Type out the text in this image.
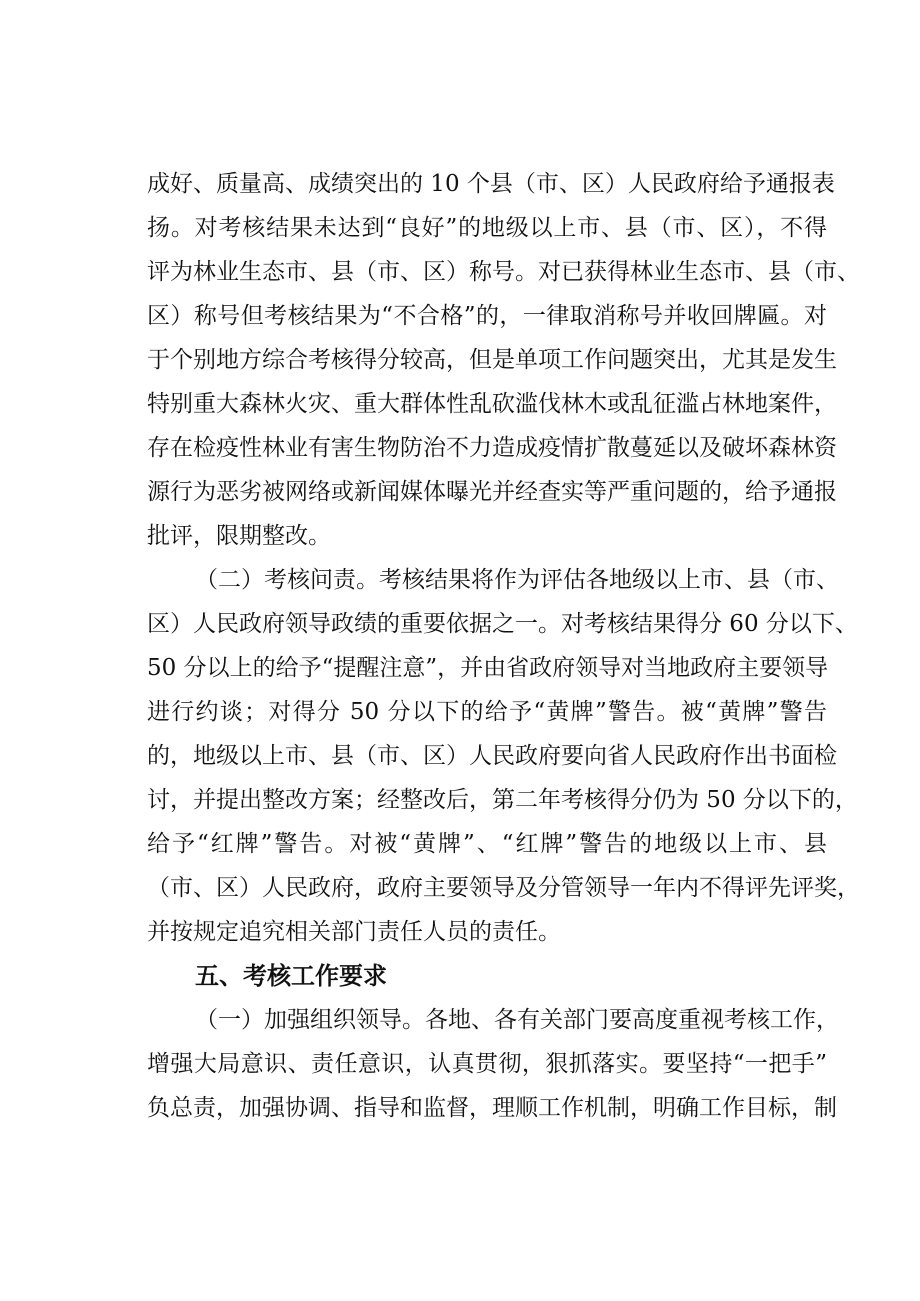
成好、质量高、成绩突出的 10 个县（市、区）人民政府给予通报表
扬。对考核结果未达到“良好”的地级以上市、县（市、区），不得
评为林业生态市、县（市、区）称号。对已获得林业生态市、县（市、
区）称号但考核结果为“不合格”的，一律取消称号并收回牌匾。对
于个别地方综合考核得分较高，但是单项工作问题突出，尤其是发生
特别重大森林火灾、重大群体性乱砍滥伐林木或乱征滥占林地案件，
存在检疫性林业有害生物防治不力造成疫情扩散蔓延以及破坏森林资
源行为恶劣被网络或新闻媒体曝光并经查实等严重问题的，给予通报
批评，限期整改。
（二）考核问责。考核结果将作为评估各地级以上市、县（市、
区）人民政府领导政绩的重要依据之一。对考核结果得分 60 分以下、
50 分以上的给予“提醒注意”，并由省政府领导对当地政府主要领导
进行约谈；对得分 50 分以下的给予“黄牌”警告。被“黄牌”警告
的，地级以上市、县（市、区）人民政府要向省人民政府作出书面检
讨，并提出整改方案；经整改后，第二年考核得分仍为 50 分以下的，
给予“红牌”警告。对被“黄牌”、“红牌”警告的地级以上市、县
（市、区）人民政府，政府主要领导及分管领导一年内不得评先评奖，
并按规定追究相关部门责任人员的责任。
五、考核工作要求
（一）加强组织领导。各地、各有关部门要高度重视考核工作，
增强大局意识、责任意识，认真贯彻，狠抓落实。要坚持“一把手”
负总责，加强协调、指导和监督，理顺工作机制，明确工作目标，制
